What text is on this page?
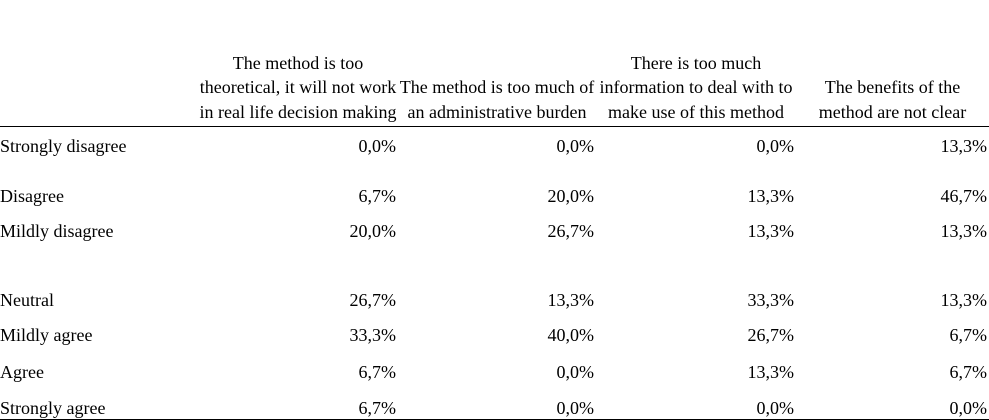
	The method is too theoretical, it will not work in real life decision making	The method is too much of an administrative burden	There is too much information to deal with to make use of this method	The benefits of the method are not clear
Strongly disagree	0,0%	0,0%	0,0%	13,3%
Disagree	6,7%	20,0%	13,3%	46,7%
Mildly disagree	20,0%	26,7%	13,3%	13,3%
Neutral	26,7%	13,3%	33,3%	13,3%
Mildly agree	33,3%	40,0%	26,7%	6,7%
Agree	6,7%	0,0%	13,3%	6,7%
Strongly agree	6,7%	0,0%	0,0%	0,0%
